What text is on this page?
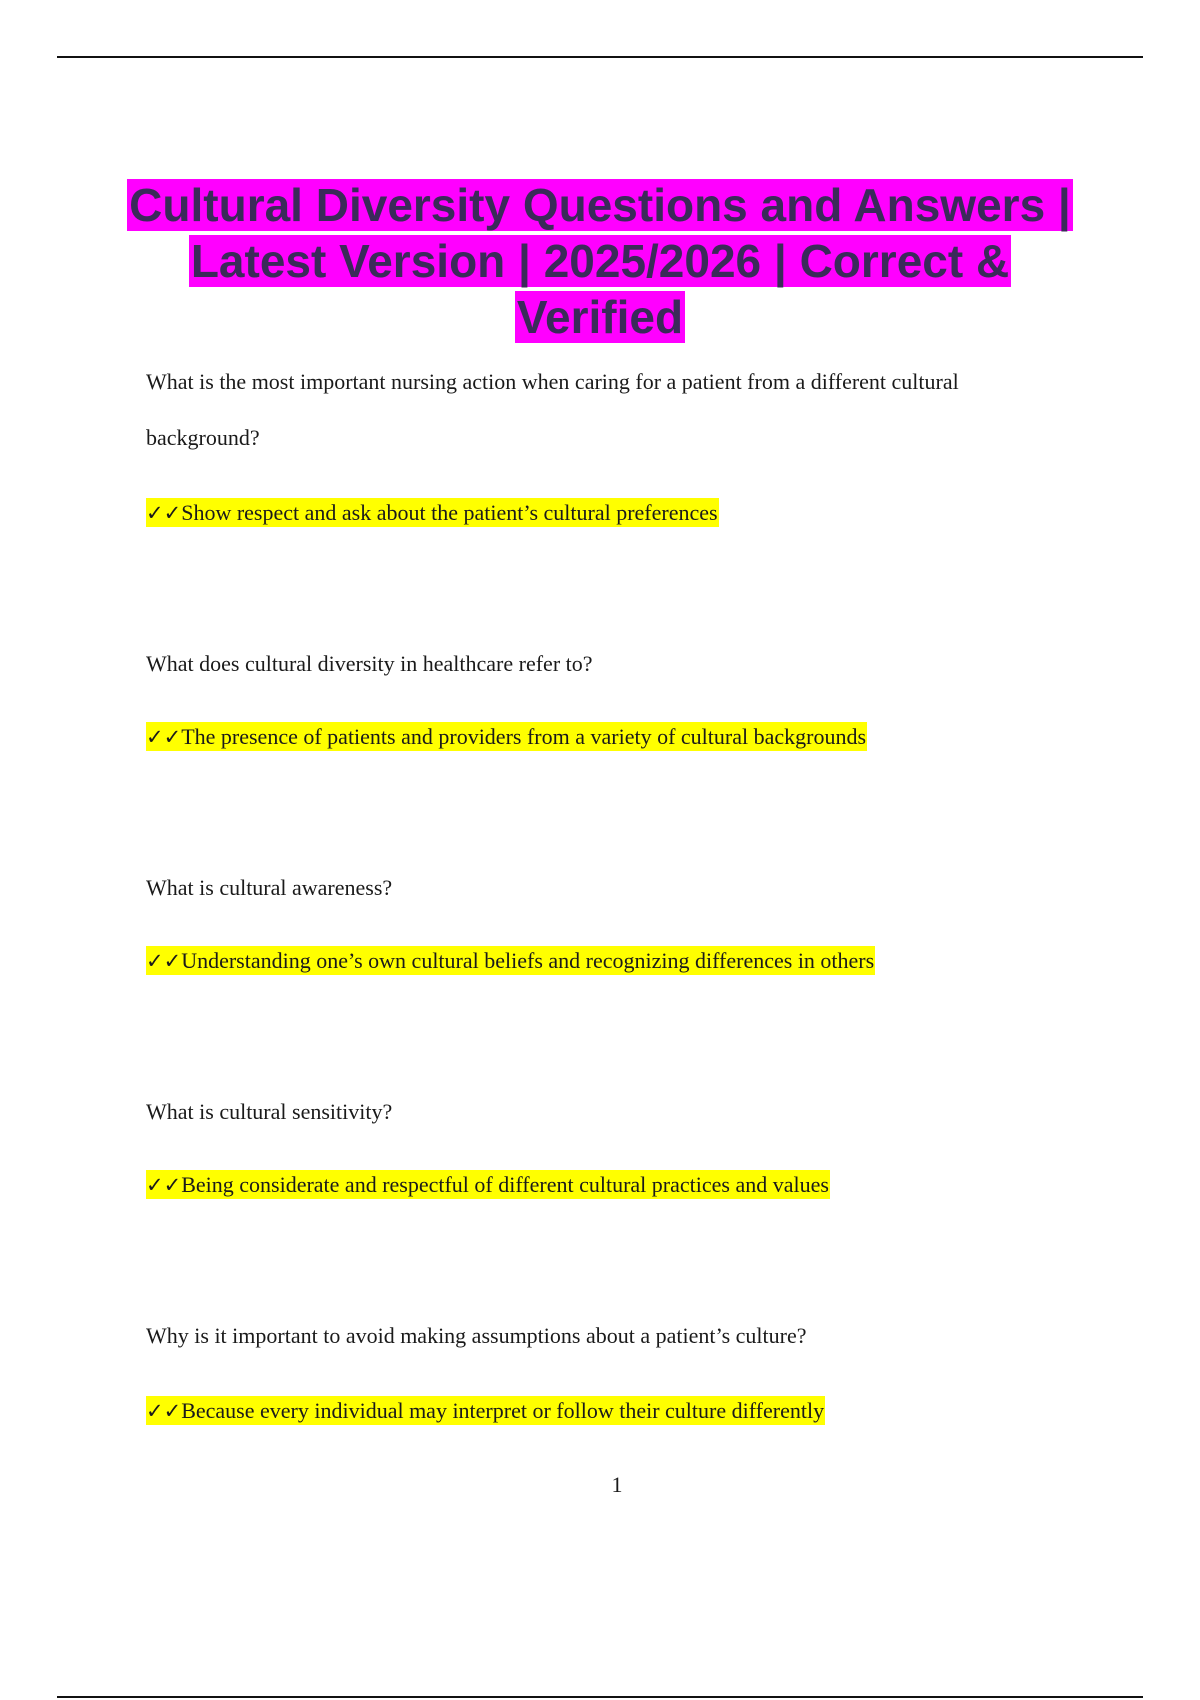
Cultural Diversity Questions and Answers | Latest Version | 2025/2026 | Correct & Verified

What is the most important nursing action when caring for a patient from a different cultural background?

✓✓Show respect and ask about the patient’s cultural preferences

What does cultural diversity in healthcare refer to?

✓✓The presence of patients and providers from a variety of cultural backgrounds

What is cultural awareness?

✓✓Understanding one’s own cultural beliefs and recognizing differences in others

What is cultural sensitivity?

✓✓Being considerate and respectful of different cultural practices and values

Why is it important to avoid making assumptions about a patient’s culture?

✓✓Because every individual may interpret or follow their culture differently

1
